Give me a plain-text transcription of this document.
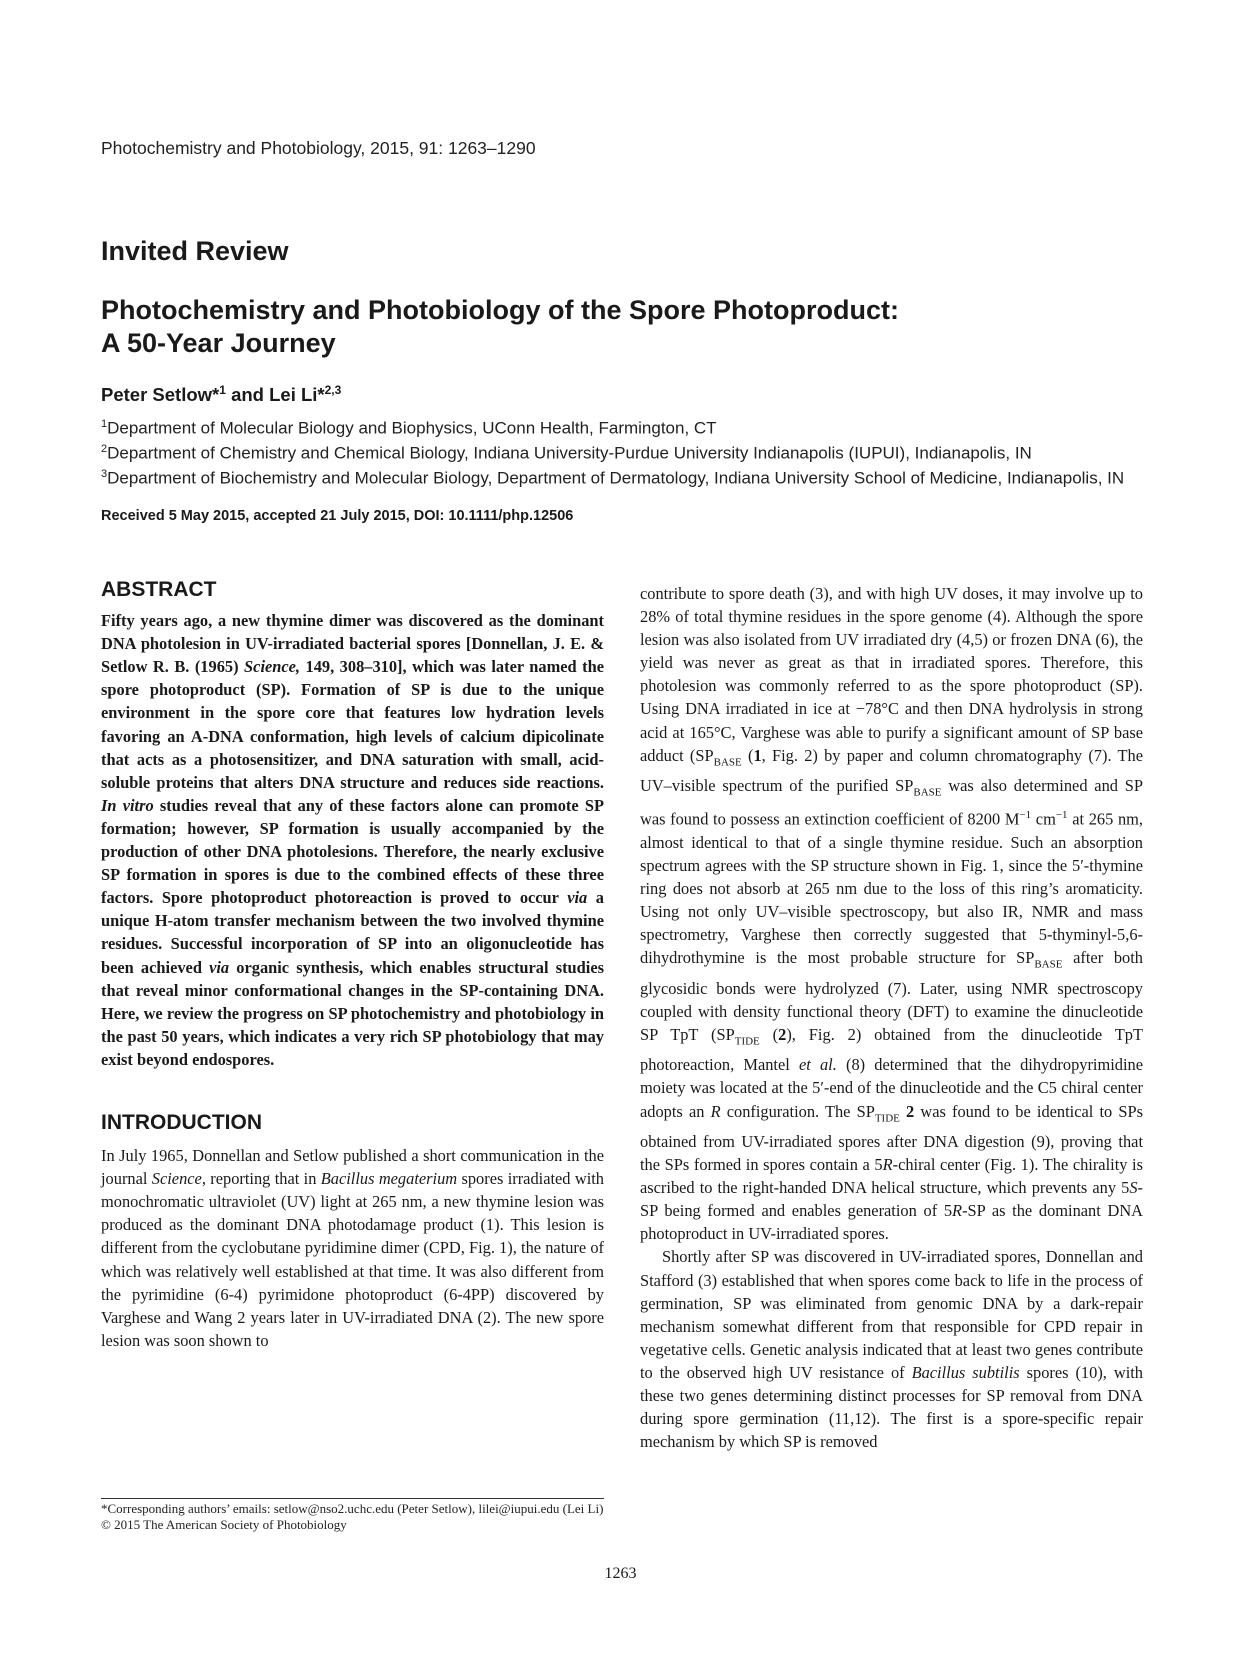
Photochemistry and Photobiology, 2015, 91: 1263–1290
Invited Review
Photochemistry and Photobiology of the Spore Photoproduct:
A 50-Year Journey
Peter Setlow*$^1$ and Lei Li*$^{2,3}$

$^1$Department of Molecular Biology and Biophysics, UConn Health, Farmington, CT

$^2$Department of Chemistry and Chemical Biology, Indiana University-Purdue University Indianapolis (IUPUI), Indianapolis, IN

$^3$Department of Biochemistry and Molecular Biology, Department of Dermatology, Indiana University School of Medicine, Indianapolis, IN

Received 5 May 2015, accepted 21 July 2015, DOI: 10.1111/php.12506
ABSTRACT

Fifty years ago, a new thymine dimer was discovered as the dominant DNA photolesion in UV-irradiated bacterial spores [Donnellan, J. E. & Setlow R. B. (1965) Science, 149, 308–310], which was later named the spore photoproduct (SP). Formation of SP is due to the unique environment in the spore core that features low hydration levels favoring an A-DNA conformation, high levels of calcium dipicolinate that acts as a photosensitizer, and DNA saturation with small, acid-soluble proteins that alters DNA structure and reduces side reactions. In vitro studies reveal that any of these factors alone can promote SP formation; however, SP formation is usually accompanied by the production of other DNA photolesions. Therefore, the nearly exclusive SP formation in spores is due to the combined effects of these three factors. Spore photoproduct photoreaction is proved to occur via a unique H-atom transfer mechanism between the two involved thymine residues. Successful incorporation of SP into an oligonucleotide has been achieved via organic synthesis, which enables structural studies that reveal minor conformational changes in the SP-containing DNA. Here, we review the progress on SP photochemistry and photobiology in the past 50 years, which indicates a very rich SP photobiology that may exist beyond endospores.

INTRODUCTION

In July 1965, Donnellan and Setlow published a short communication in the journal Science, reporting that in Bacillus megaterium spores irradiated with monochromatic ultraviolet (UV) light at 265 nm, a new thymine lesion was produced as the dominant DNA photodamage product (1). This lesion is different from the cyclobutane pyridimine dimer (CPD, Fig. 1), the nature of which was relatively well established at that time. It was also different from the pyrimidine (6-4) pyrimidone photoproduct (6-4PP) discovered by Varghese and Wang 2 years later in UV-irradiated DNA (2). The new spore lesion was soon shown to

contribute to spore death (3), and with high UV doses, it may involve up to 28% of total thymine residues in the spore genome (4). Although the spore lesion was also isolated from UV irradiated dry (4,5) or frozen DNA (6), the yield was never as great as that in irradiated spores. Therefore, this photolesion was commonly referred to as the spore photoproduct (SP). Using DNA irradiated in ice at −78°C and then DNA hydrolysis in strong acid at 165°C, Varghese was able to purify a significant amount of SP base adduct ($SP_{BASE}$ (1, Fig. 2) by paper and column chromatography (7). The UV–visible spectrum of the purified $SP_{BASE}$ was also determined and SP was found to possess an extinction coefficient of 8200 $M^{-1}$ $cm^{-1}$ at 265 nm, almost identical to that of a single thymine residue. Such an absorption spectrum agrees with the SP structure shown in Fig. 1, since the 5′-thymine ring does not absorb at 265 nm due to the loss of this ring’s aromaticity. Using not only UV–visible spectroscopy, but also IR, NMR and mass spectrometry, Varghese then correctly suggested that 5-thyminyl-5,6-dihydrothymine is the most probable structure for $SP_{BASE}$ after both glycosidic bonds were hydrolyzed (7). Later, using NMR spectroscopy coupled with density functional theory (DFT) to examine the dinucleotide SP TpT ($SP_{TIDE}$ (2), Fig. 2) obtained from the dinucleotide TpT photoreaction, Mantel et al. (8) determined that the dihydropyrimidine moiety was located at the 5′-end of the dinucleotide and the C5 chiral center adopts an R configuration. The $SP_{TIDE}$ 2 was found to be identical to SPs obtained from UV-irradiated spores after DNA digestion (9), proving that the SPs formed in spores contain a 5R-chiral center (Fig. 1). The chirality is ascribed to the right-handed DNA helical structure, which prevents any 5S-SP being formed and enables generation of 5R-SP as the dominant DNA photoproduct in UV-irradiated spores.

Shortly after SP was discovered in UV-irradiated spores, Donnellan and Stafford (3) established that when spores come back to life in the process of germination, SP was eliminated from genomic DNA by a dark-repair mechanism somewhat different from that responsible for CPD repair in vegetative cells. Genetic analysis indicated that at least two genes contribute to the observed high UV resistance of Bacillus subtilis spores (10), with these two genes determining distinct processes for SP removal from DNA during spore germination (11,12). The first is a spore-specific repair mechanism by which SP is removed

*Corresponding authors’ emails: setlow@nso2.uchc.edu (Peter Setlow), lilei@iupui.edu (Lei Li)

© 2015 The American Society of Photobiology

1263
